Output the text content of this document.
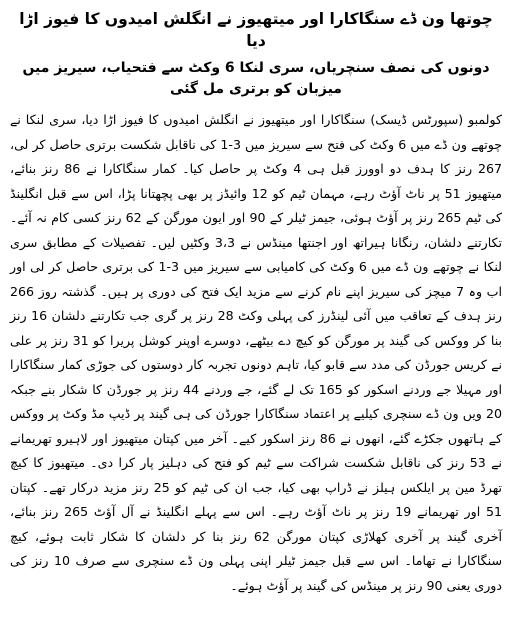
چوتھا ون ڈے سنگاکارا اور میتھیوز نے انگلش امیدوں کا فیوز اڑا دیا
دونوں کی نصف سنچریاں، سری لنکا 6 وکٹ سے فتحیاب، سیریز میں میزبان کو برتری مل گئی

کولمبو (سپورٹس ڈیسک) سنگاکارا اور میتھیوز نے انگلش امیدوں کا فیوز اڑا دیا، سری لنکا نے چوتھے ون ڈے میں 6 وکٹ کی فتح سے سیریز میں 3-1 کی ناقابل شکست برتری حاصل کر لی، 267 رنز کا ہدف دو اوورز قبل ہی 4 وکٹ پر حاصل کیا۔ کمار سنگاکارا نے 86 رنز بنائے، میتھیوز 51 پر ناٹ آؤٹ رہے، مہمان ٹیم کو 12 وائیڈز پر بھی پچھتانا پڑا، اس سے قبل انگلینڈ کی ٹیم 265 رنز پر آؤٹ ہوئی، جیمز ٹیلر کے 90 اور ایون مورگن کے 62 رنز کسی کام نہ آئے۔ تکارتنے دلشان، رنگانا ہیراتھ اور اجنتھا مینڈس نے 3،3 وکٹیں لیں۔ تفصیلات کے مطابق سری لنکا نے چوتھے ون ڈے میں 6 وکٹ کی کامیابی سے سیریز میں 3-1 کی برتری حاصل کر لی اور اب وہ 7 میچز کی سیریز اپنے نام کرنے سے مزید ایک فتح کی دوری پر ہیں۔ گذشتہ روز 266 رنز ہدف کے تعاقب میں آئی لینڈرز کی پہلی وکٹ 28 رنز پر گری جب تکارتنے دلشان 16 رنز بنا کر ووکس کی گیند پر مورگن کو کیچ دے بیٹھے، دوسرے اوپنر کوشل پریرا کو 31 رنز پر علی نے کریس جورڈن کی مدد سے قابو کیا، تاہم دونوں تجربہ کار دوستوں کی جوڑی کمار سنگاکارا اور مہیلا جے وردنے اسکور کو 165 تک لے گئے، جے وردنے 44 رنز پر جورڈن کا شکار بنے جبکہ 20 ویں ون ڈے سنچری کیلیے پر اعتماد سنگاکارا جورڈن کی ہی گیند پر ڈیپ مڈ وکٹ پر ووکس کے ہاتھوں جکڑے گئے، انھوں نے 86 رنز اسکور کیے۔ آخر میں کپتان میتھیوز اور لاہیرو تھریمانے نے 53 رنز کی ناقابل شکست شراکت سے ٹیم کو فتح کی دہلیز پار کرا دی۔ میتھیوز کا کیچ تھرڈ مین پر ایلکس ہیلز نے ڈراپ بھی کیا، جب ان کی ٹیم کو 25 رنز مزید درکار تھے۔ کپتان 51 اور تھریمانے 19 رنز پر ناٹ آؤٹ رہے۔ اس سے پہلے انگلینڈ نے آل آؤٹ 265 رنز بنائے، آخری گیند پر آخری کھلاڑی کپتان مورگن 62 رنز بنا کر دلشان کا شکار ثابت ہوئے، کیچ سنگاکارا نے تھاما۔ اس سے قبل جیمز ٹیلر اپنی پہلی ون ڈے سنچری سے صرف 10 رنز کی دوری یعنی 90 رنز پر مینڈس کی گیند پر آؤٹ ہوئے۔
